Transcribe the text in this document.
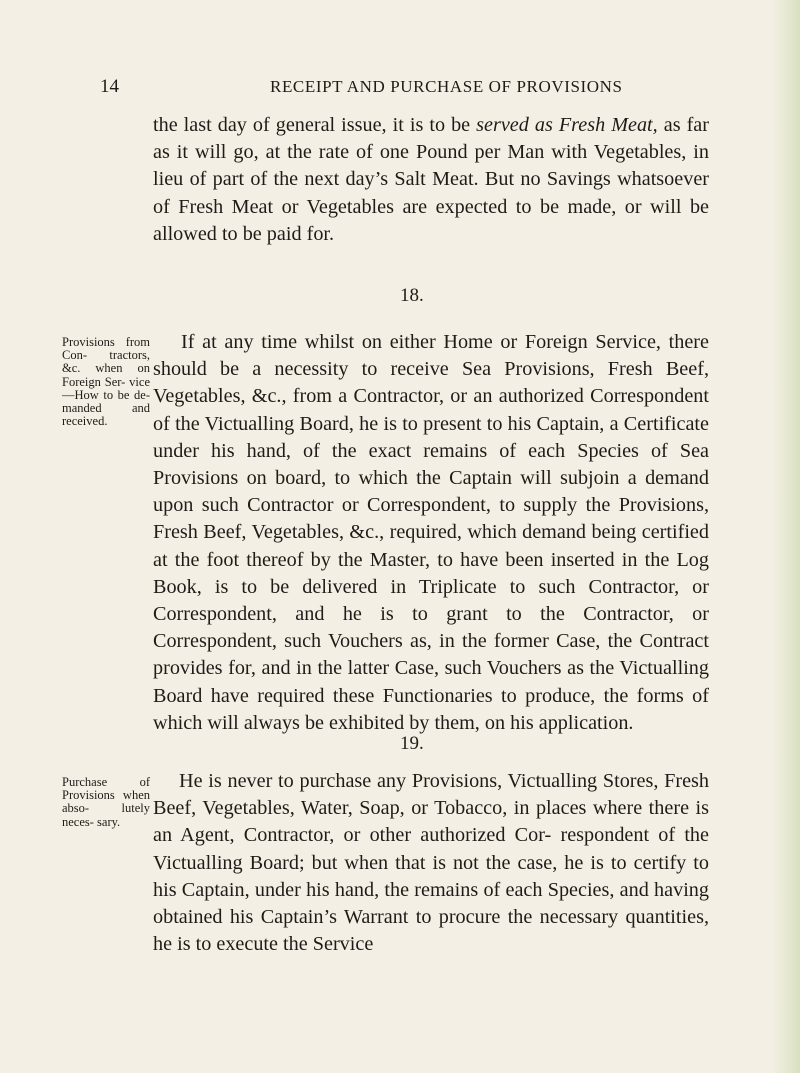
14	RECEIPT AND PURCHASE OF PROVISIONS

the last day of general issue, it is to be served as Fresh Meat, as far as it will go, at the rate of one Pound per Man with Vegetables, in lieu of part of the next day’s Salt Meat. But no Savings whatsoever of Fresh Meat or Vegetables are expected to be made, or will be allowed to be paid for.

18.

Provisions from Con- tractors, &c. when on Foreign Ser- vice—How to be de- manded and received.

If at any time whilst on either Home or Foreign Service, there should be a necessity to receive Sea Provisions, Fresh Beef, Vegetables, &c., from a Contractor, or an authorized Correspondent of the Victualling Board, he is to present to his Captain, a Certificate under his hand, of the exact remains of each Species of Sea Provisions on board, to which the Captain will subjoin a demand upon such Contractor or Correspondent, to supply the Provisions, Fresh Beef, Vegetables, &c., required, which demand being certified at the foot thereof by the Master, to have been inserted in the Log Book, is to be delivered in Triplicate to such Contractor, or Correspondent, and he is to grant to the Contractor, or Correspondent, such Vouchers as, in the former Case, the Contract provides for, and in the latter Case, such Vouchers as the Victualling Board have required these Functionaries to produce, the forms of which will always be exhibited by them, on his application.

19.

Purchase of Provisions when abso- lutely neces- sary.

He is never to purchase any Provisions, Victualling Stores, Fresh Beef, Vegetables, Water, Soap, or Tobacco, in places where there is an Agent, Contractor, or other authorized Cor- respondent of the Victualling Board; but when that is not the case, he is to certify to his Captain, under his hand, the remains of each Species, and having obtained his Captain’s Warrant to procure the necessary quantities, he is to execute the Service
